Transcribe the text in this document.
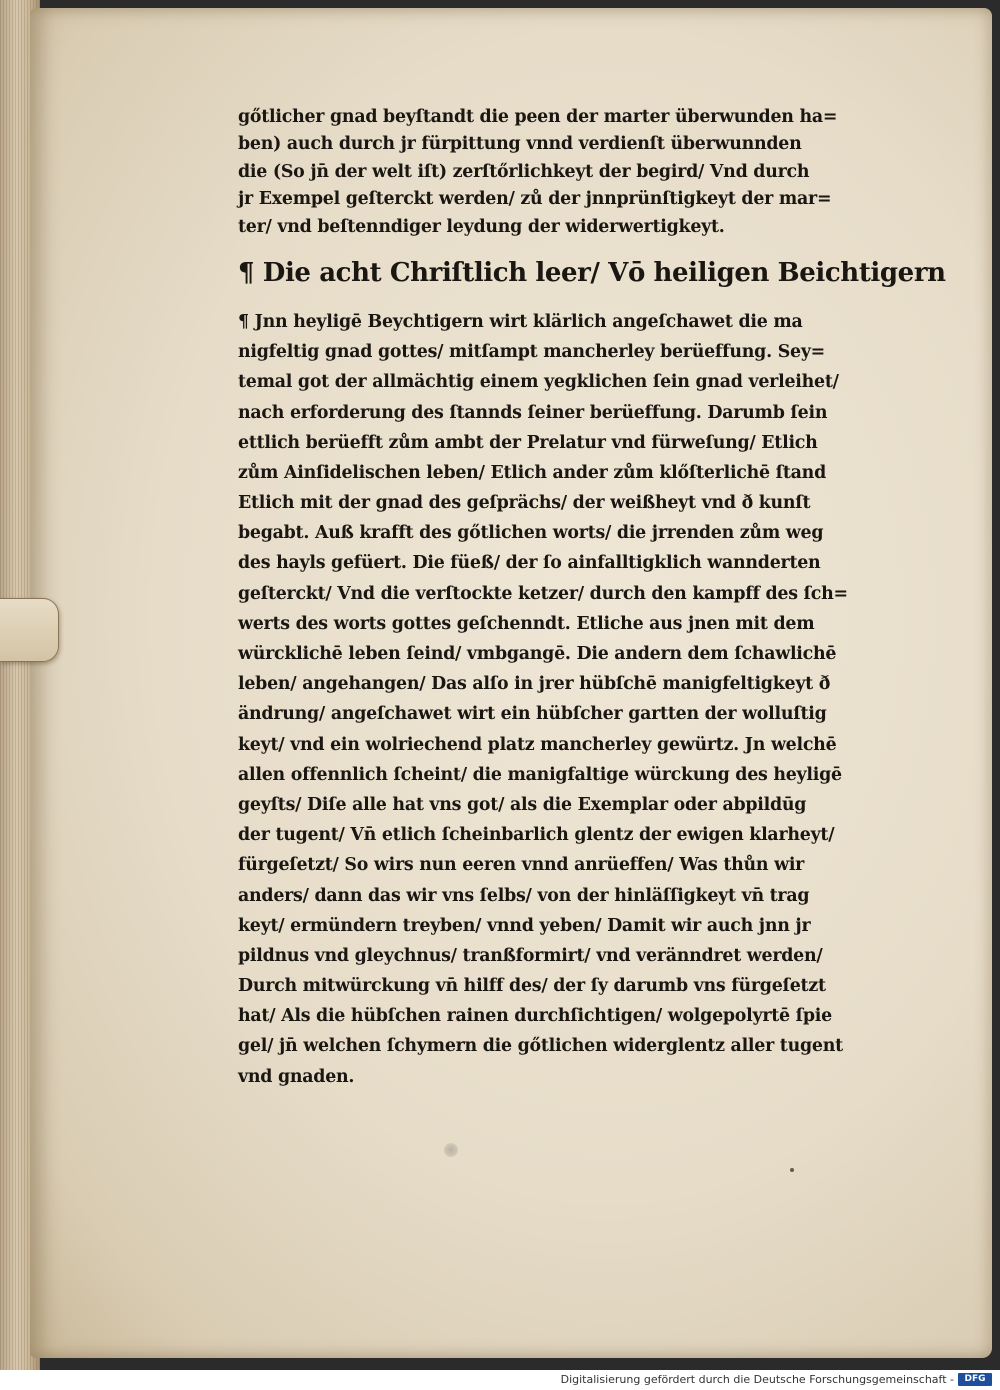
gőtlicher gnad beyſtandt die peen der marter überwunden ha=
ben) auch durch jr fürpittung vnnd verdienſt überwunnden
die (So jn̄ der welt iſt) zerſtőrlichkeyt der begird/ Vnd durch
jr Exempel geſterckt werden/ zů der jnnprünſtigkeyt der mar=
ter/ vnd beſtenndiger leydung der widerwertigkeyt.
¶ Die acht Chriſtlich leer/ Vō heiligen Beichtigern
¶ Jnn heyligē Beychtigern wirt klärlich angeſchawet die ma
nigfeltig gnad gottes/ mitſampt mancherley berüeffung. Sey=
temal got der allmächtig einem yegklichen ſein gnad verleihet/
nach erforderung des ſtannds ſeiner berüeffung. Darumb ſein
ettlich berüefft zům ambt der Prelatur vnd fürweſung/ Etlich
zům Ainſidelischen leben/ Etlich ander zům klőſterlichē ſtand
Etlich mit der gnad des geſprächs/ der weißheyt vnd ð kunſt
begabt. Auß krafft des gőtlichen worts/ die jrrenden zům weg
des hayls gefüert. Die füeß/ der ſo ainfalltigklich wannderten
geſterckt/ Vnd die verſtockte ketzer/ durch den kampff des ſch=
werts des worts gottes geſchenndt. Etliche aus jnen mit dem
würcklichē leben ſeind/ vmbgangē. Die andern dem ſchawlichē
leben/ angehangen/ Das alſo in jrer hübſchē manigfeltigkeyt ð
ändrung/ angeſchawet wirt ein hübſcher gartten der wolluſtig
keyt/ vnd ein wolriechend platz mancherley gewürtz. Jn welchē
allen offennlich ſcheint/ die manigfaltige würckung des heyligē
geyſts/ Diſe alle hat vns got/ als die Exemplar oder abpildūg
der tugent/ Vn̄ etlich ſcheinbarlich glentz der ewigen klarheyt/
fürgeſetzt/ So wirs nun eeren vnnd anrüeffen/ Was thůn wir
anders/ dann das wir vns ſelbs/ von der hinläſſigkeyt vn̄ trag
keyt/ ermündern treyben/ vnnd yeben/ Damit wir auch jnn jr
pildnus vnd gleychnus/ tranßformirt/ vnd veränndret werden/
Durch mitwürckung vn̄ hilff des/ der ſy darumb vns fürgeſetzt
hat/ Als die hübſchen rainen durchſichtigen/ wolgepolyrtē ſpie
gel/ jn̄ welchen ſchymern die gőtlichen widerglentz aller tugent
vnd gnaden.
Digitalisierung gefördert durch die Deutsche Forschungsgemeinschaft -	DFG
